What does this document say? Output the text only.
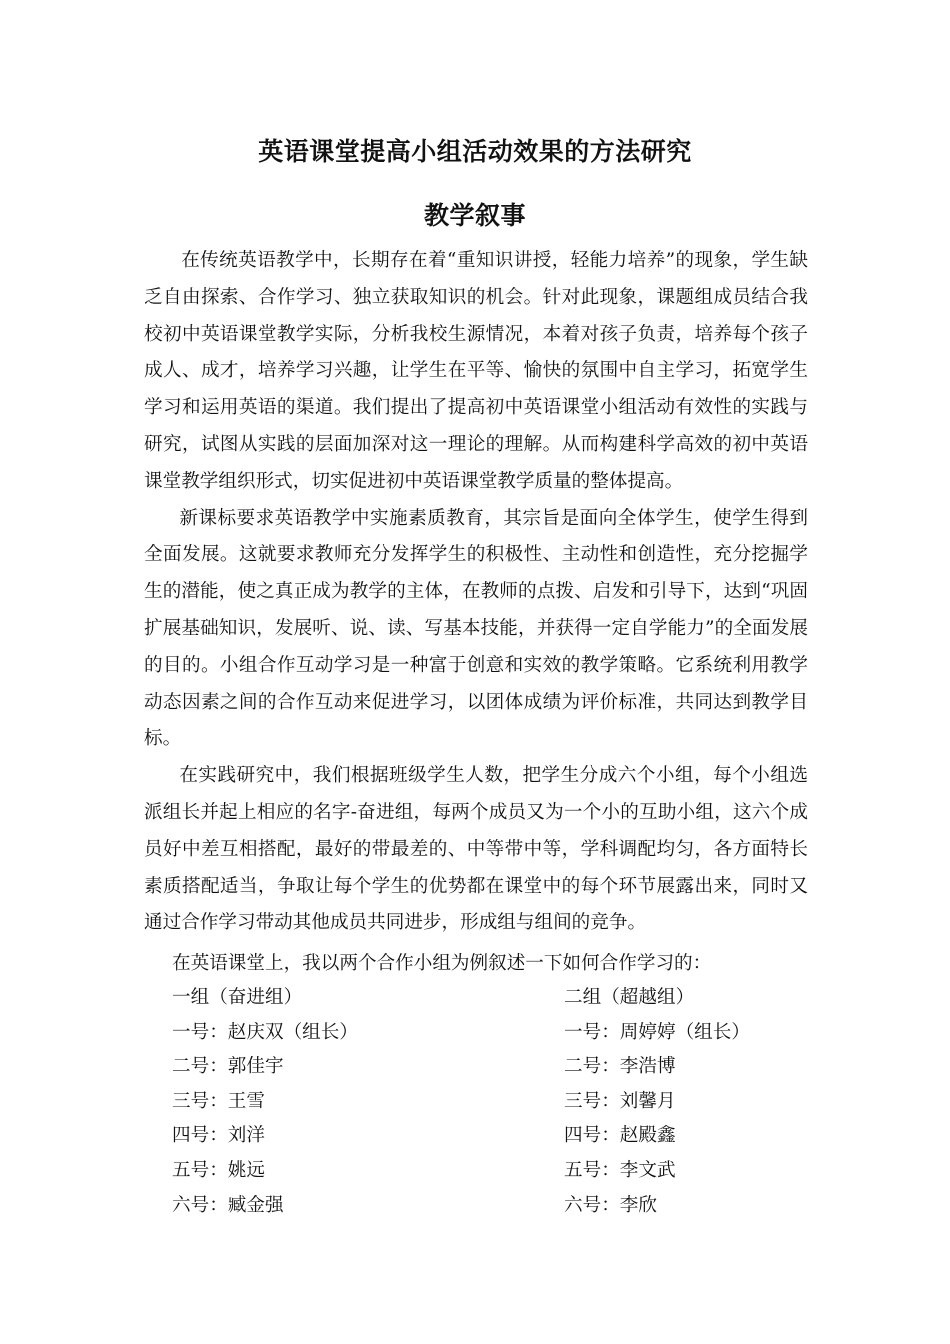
英语课堂提高小组活动效果的方法研究
教学叙事

在传统英语教学中，长期存在着“重知识讲授，轻能力培养”的现象，学生缺乏自由探索、合作学习、独立获取知识的机会。针对此现象，课题组成员结合我校初中英语课堂教学实际，分析我校生源情况，本着对孩子负责，培养每个孩子成人、成才，培养学习兴趣，让学生在平等、愉快的氛围中自主学习，拓宽学生学习和运用英语的渠道。我们提出了提高初中英语课堂小组活动有效性的实践与研究，试图从实践的层面加深对这一理论的理解。从而构建科学高效的初中英语课堂教学组织形式，切实促进初中英语课堂教学质量的整体提高。

新课标要求英语教学中实施素质教育，其宗旨是面向全体学生，使学生得到全面发展。这就要求教师充分发挥学生的积极性、主动性和创造性，充分挖掘学生的潜能，使之真正成为教学的主体，在教师的点拨、启发和引导下，达到“巩固扩展基础知识，发展听、说、读、写基本技能，并获得一定自学能力”的全面发展的目的。小组合作互动学习是一种富于创意和实效的教学策略。它系统利用教学动态因素之间的合作互动来促进学习，以团体成绩为评价标准，共同达到教学目标。

在实践研究中，我们根据班级学生人数，把学生分成六个小组，每个小组选派组长并起上相应的名字-奋进组，每两个成员又为一个小的互助小组，这六个成员好中差互相搭配，最好的带最差的、中等带中等，学科调配均匀，各方面特长素质搭配适当，争取让每个学生的优势都在课堂中的每个环节展露出来，同时又通过合作学习带动其他成员共同进步，形成组与组间的竞争。

在英语课堂上，我以两个合作小组为例叙述一下如何合作学习的：
一组（奋进组）
一号：赵庆双（组长）
二号：郭佳宇
三号：王雪
四号：刘洋
五号：姚远
六号：臧金强
二组（超越组）
一号：周婷婷（组长）
二号：李浩博
三号：刘馨月
四号：赵殿鑫
五号：李文武
六号：李欣
